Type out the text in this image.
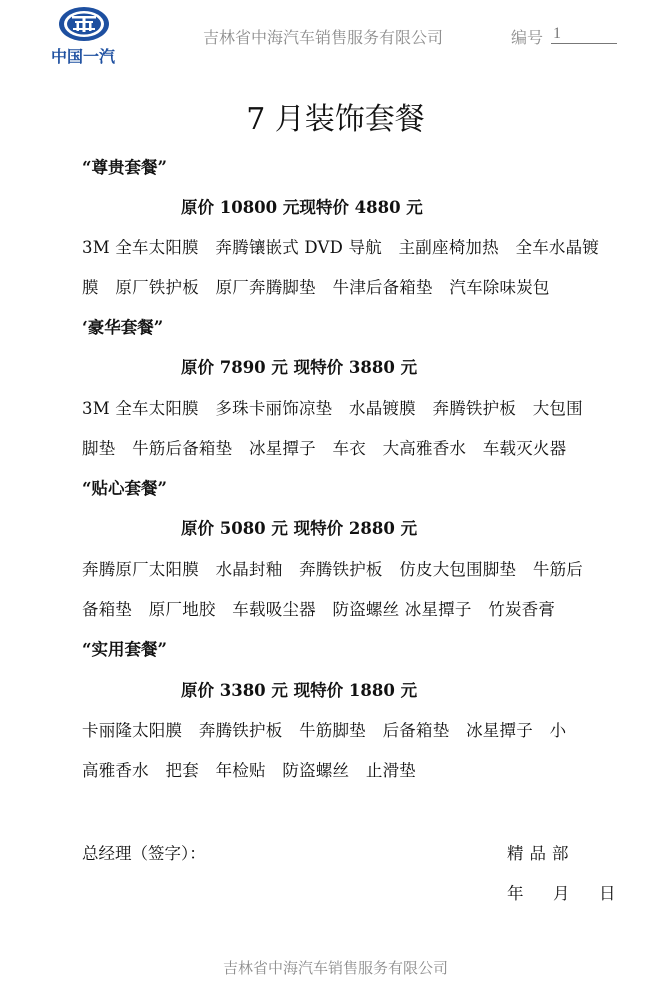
中国一汽
吉林省中海汽车销售服务有限公司	编号 1
7 月装饰套餐
“尊贵套餐”
原价 10800 元现特价 4880 元
3M 全车太阳膜　奔腾镶嵌式 DVD 导航　主副座椅加热　全车水晶镀
膜　原厂铁护板　原厂奔腾脚垫　牛津后备箱垫　汽车除味炭包
‘豪华套餐”
原价 7890 元 现特价 3880 元
3M 全车太阳膜　多珠卡丽饰凉垫　水晶镀膜　奔腾铁护板　大包围
脚垫　牛筋后备箱垫　冰星撢子　车衣　大高雅香水　车载灭火器
“贴心套餐”
原价 5080 元 现特价 2880 元
奔腾原厂太阳膜　水晶封釉　奔腾铁护板　仿皮大包围脚垫　牛筋后
备箱垫　原厂地胶　车载吸尘器　防盗螺丝 冰星撢子　竹炭香膏
“实用套餐”
原价 3380 元 现特价 1880 元
卡丽隆太阳膜　奔腾铁护板　牛筋脚垫　后备箱垫　冰星撢子　小
高雅香水　把套　年检贴　防盗螺丝　止滑垫
总经理（签字）：	精品部
年 月 日
吉林省中海汽车销售服务有限公司
